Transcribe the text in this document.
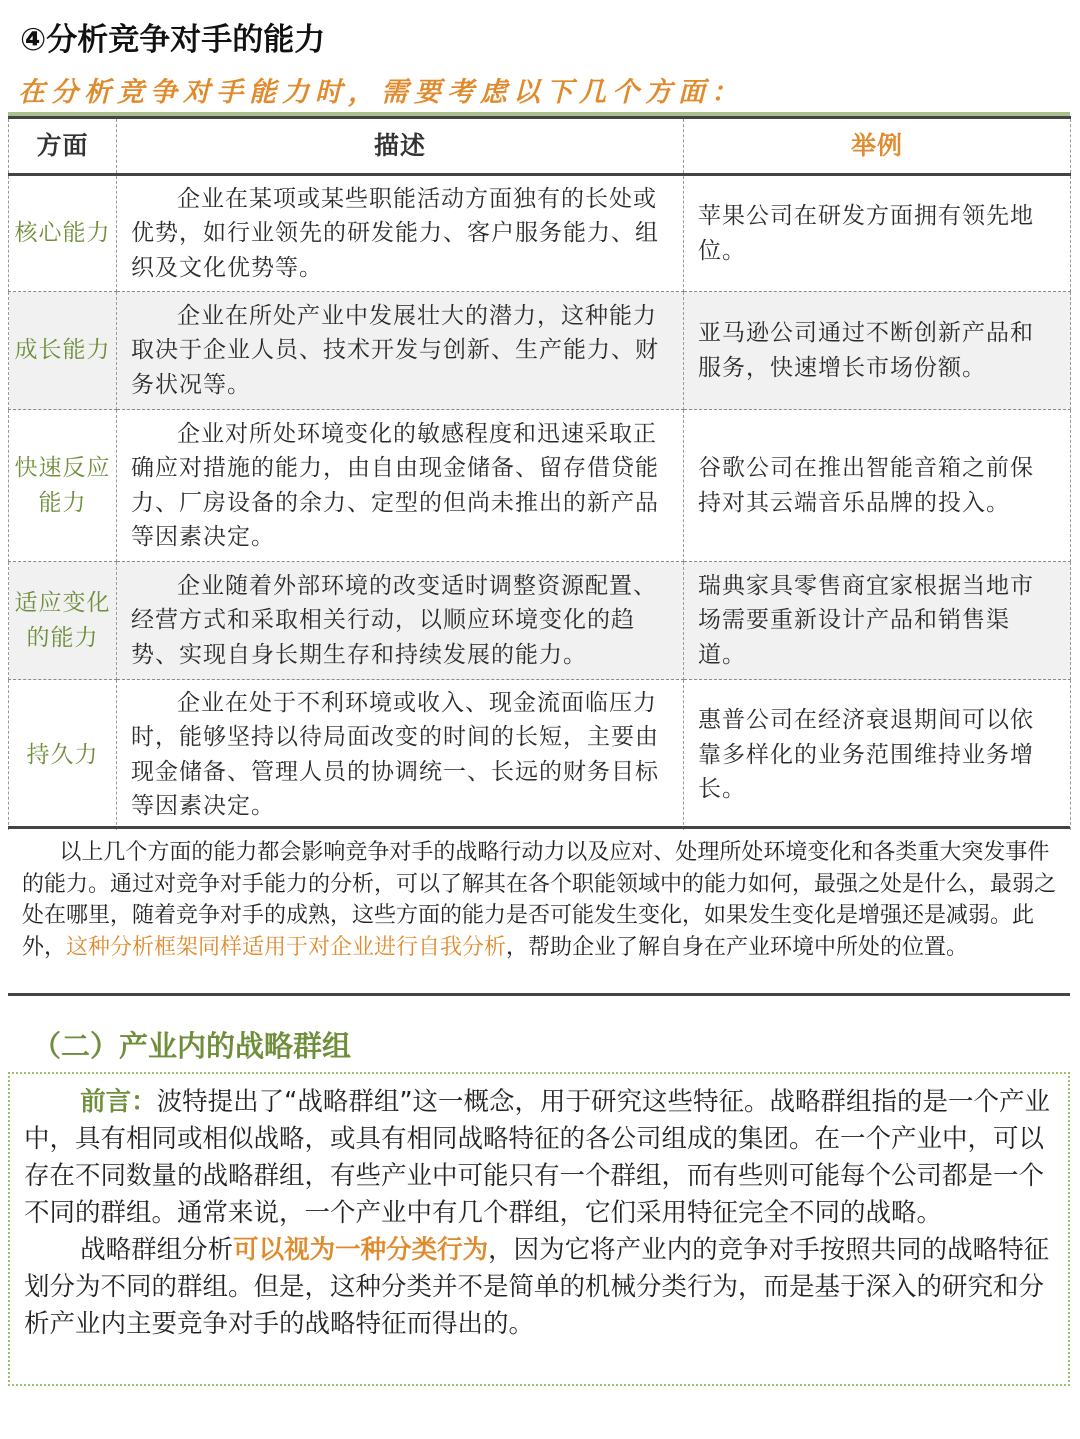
④分析竞争对手的能力
在分析竞争对手能力时，需要考虑以下几个方面：
方面	描述	举例
核心能力	企业在某项或某些职能活动方面独有的长处或优势，如行业领先的研发能力、客户服务能力、组织及文化优势等。	苹果公司在研发方面拥有领先地位。
成长能力	企业在所处产业中发展壮大的潜力，这种能力取决于企业人员、技术开发与创新、生产能力、财务状况等。	亚马逊公司通过不断创新产品和服务，快速增长市场份额。
快速反应能力	企业对所处环境变化的敏感程度和迅速采取正确应对措施的能力，由自由现金储备、留存借贷能力、厂房设备的余力、定型的但尚未推出的新产品等因素决定。	谷歌公司在推出智能音箱之前保持对其云端音乐品牌的投入。
适应变化的能力	企业随着外部环境的改变适时调整资源配置、经营方式和采取相关行动，以顺应环境变化的趋势、实现自身长期生存和持续发展的能力。	瑞典家具零售商宜家根据当地市场需要重新设计产品和销售渠道。
持久力	企业在处于不利环境或收入、现金流面临压力时，能够坚持以待局面改变的时间的长短，主要由现金储备、管理人员的协调统一、长远的财务目标等因素决定。	惠普公司在经济衰退期间可以依靠多样化的业务范围维持业务增长。

以上几个方面的能力都会影响竞争对手的战略行动力以及应对、处理所处环境变化和各类重大突发事件的能力。通过对竞争对手能力的分析，可以了解其在各个职能领域中的能力如何，最强之处是什么，最弱之处在哪里，随着竞争对手的成熟，这些方面的能力是否可能发生变化，如果发生变化是增强还是减弱。此外，这种分析框架同样适用于对企业进行自我分析，帮助企业了解自身在产业环境中所处的位置。

（二）产业内的战略群组

前言：波特提出了“战略群组”这一概念，用于研究这些特征。战略群组指的是一个产业中，具有相同或相似战略，或具有相同战略特征的各公司组成的集团。在一个产业中，可以存在不同数量的战略群组，有些产业中可能只有一个群组，而有些则可能每个公司都是一个不同的群组。通常来说，一个产业中有几个群组，它们采用特征完全不同的战略。

战略群组分析可以视为一种分类行为，因为它将产业内的竞争对手按照共同的战略特征划分为不同的群组。但是，这种分类并不是简单的机械分类行为，而是基于深入的研究和分析产业内主要竞争对手的战略特征而得出的。
